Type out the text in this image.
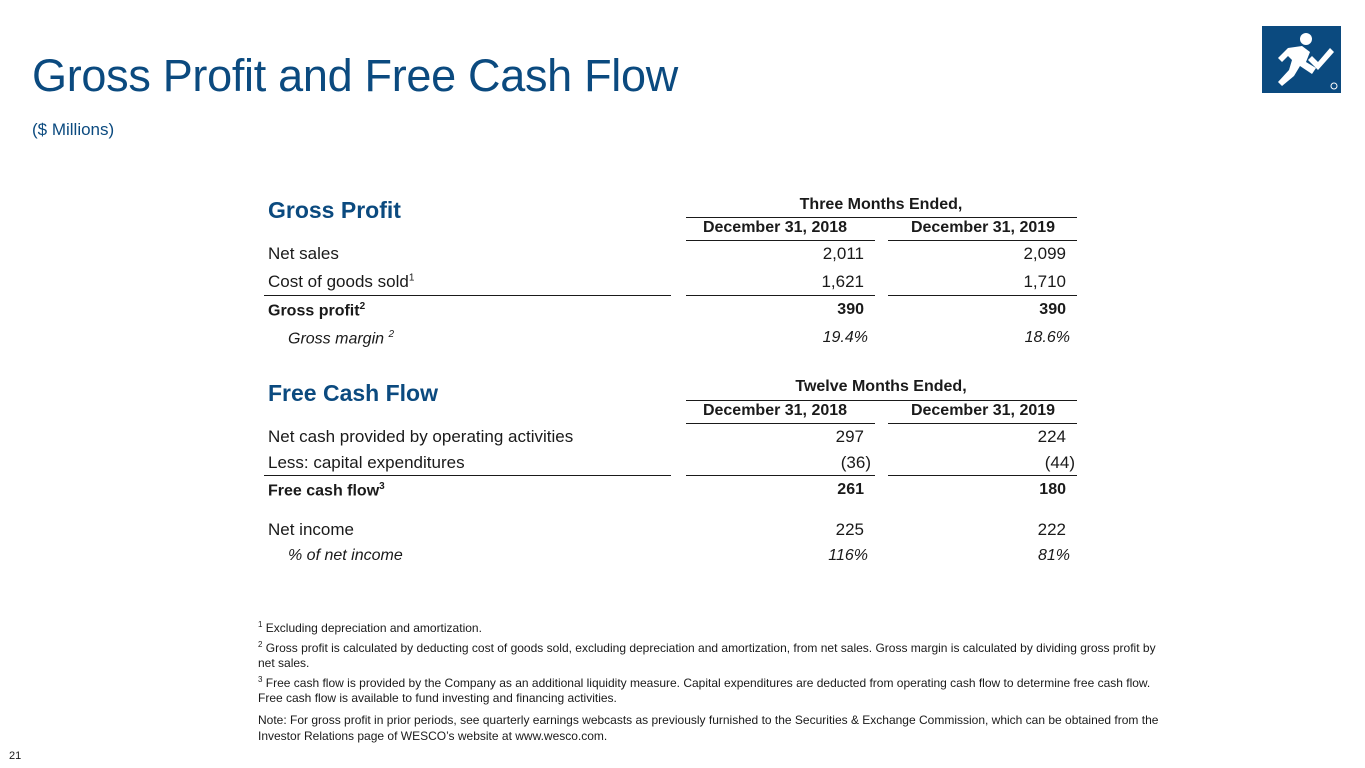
Gross Profit and Free Cash Flow
($ Millions)
Gross Profit	Three Months Ended,
December 31, 2018	December 31, 2019
Net sales	2,011	2,099
Cost of goods sold$^1$	1,621	1,710
Gross profit$^2$	390	390
Gross margin $^2$	19.4%	18.6%
Free Cash Flow	Twelve Months Ended,
December 31, 2018	December 31, 2019
Net cash provided by operating activities	297	224
Less: capital expenditures	(36)	(44)
Free cash flow$^3$	261	180
Net income	225	222
% of net income	116%	81%

$^1$ Excluding depreciation and amortization.

$^2$ Gross profit is calculated by deducting cost of goods sold, excluding depreciation and amortization, from net sales. Gross margin is calculated by dividing gross profit by net sales.

$^3$ Free cash flow is provided by the Company as an additional liquidity measure. Capital expenditures are deducted from operating cash flow to determine free cash flow. Free cash flow is available to fund investing and financing activities.

Note: For gross profit in prior periods, see quarterly earnings webcasts as previously furnished to the Securities & Exchange Commission, which can be obtained from the Investor Relations page of WESCO’s website at www.wesco.com.

21
